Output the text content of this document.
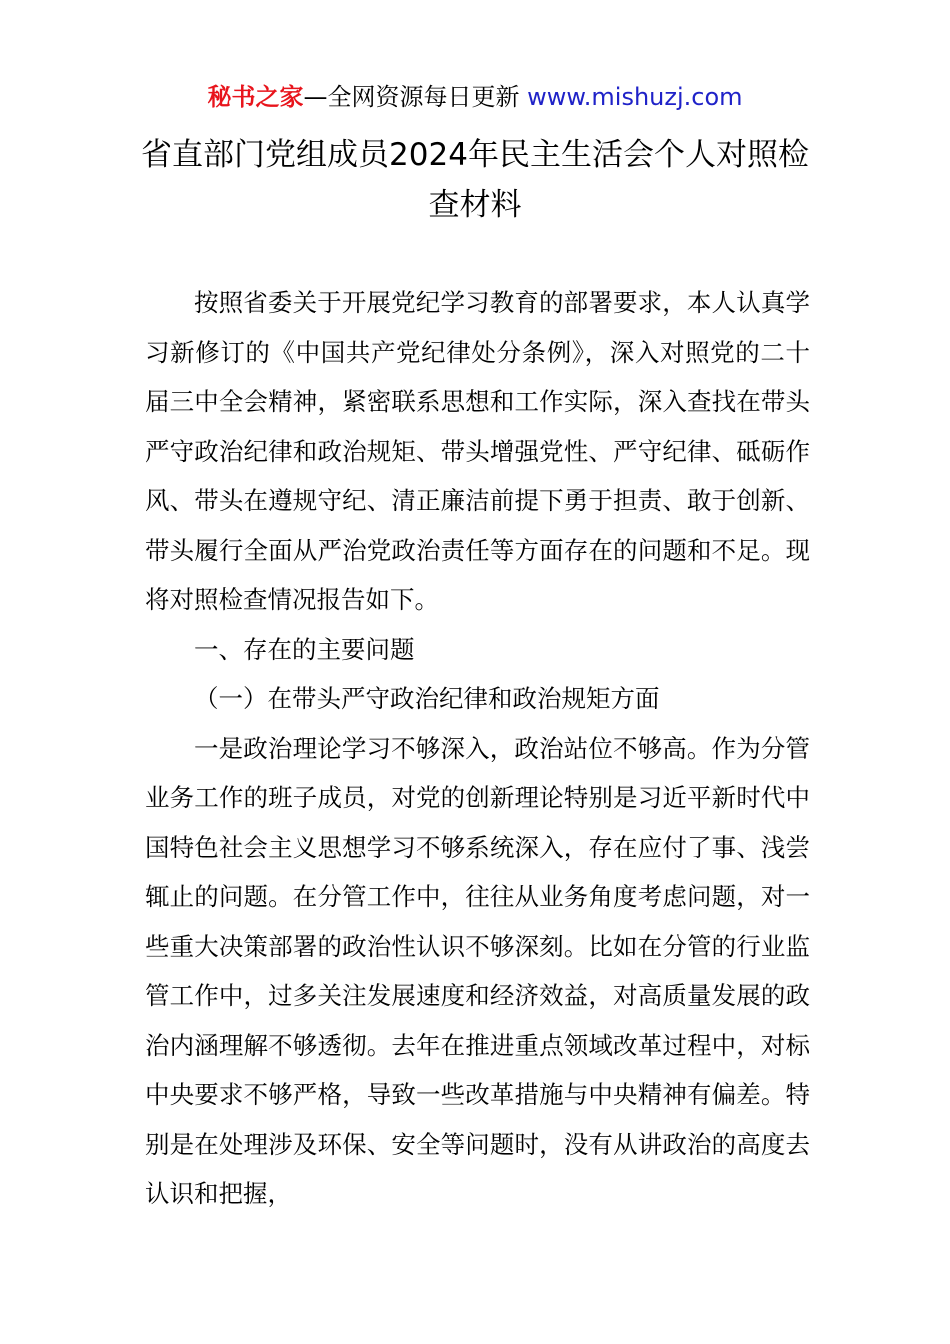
秘书之家—全网资源每日更新 www.mishuzj.com
省直部门党组成员2024年民主生活会个人对照检查材料

按照省委关于开展党纪学习教育的部署要求，本人认真学习新修订的《中国共产党纪律处分条例》，深入对照党的二十届三中全会精神，紧密联系思想和工作实际，深入查找在带头严守政治纪律和政治规矩、带头增强党性、严守纪律、砥砺作风、带头在遵规守纪、清正廉洁前提下勇于担责、敢于创新、带头履行全面从严治党政治责任等方面存在的问题和不足。现将对照检查情况报告如下。

一、存在的主要问题

（一）在带头严守政治纪律和政治规矩方面

一是政治理论学习不够深入，政治站位不够高。作为分管业务工作的班子成员，对党的创新理论特别是习近平新时代中国特色社会主义思想学习不够系统深入，存在应付了事、浅尝辄止的问题。在分管工作中，往往从业务角度考虑问题，对一些重大决策部署的政治性认识不够深刻。比如在分管的行业监管工作中，过多关注发展速度和经济效益，对高质量发展的政治内涵理解不够透彻。去年在推进重点领域改革过程中，对标中央要求不够严格，导致一些改革措施与中央精神有偏差。特别是在处理涉及环保、安全等问题时，没有从讲政治的高度去认识和把握，
